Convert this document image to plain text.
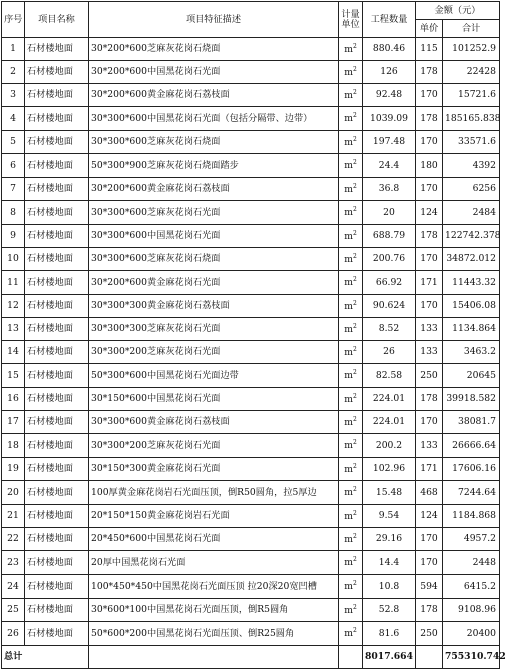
序号	项目名称	项目特征描述	计量单位	工程数量	金额（元）	
					单价	合计
1	石材楼地面	30*200*600芝麻灰花岗石烧面	$m^2$	880.46	115	101252.9
2	石材楼地面	30*200*600中国黑花岗石光面	$m^2$	126	178	22428
3	石材楼地面	30*200*600黄金麻花岗石荔枝面	$m^2$	92.48	170	15721.6
4	石材楼地面	30*300*600中国黑花岗石光面（包括分隔带、边带）	$m^2$	1039.09	178	185165.838
5	石材楼地面	30*300*600芝麻灰花岗石烧面	$m^2$	197.48	170	33571.6
6	石材楼地面	50*300*900芝麻灰花岗石烧面踏步	$m^2$	24.4	180	4392
7	石材楼地面	30*200*600黄金麻花岗石荔枝面	$m^2$	36.8	170	6256
8	石材楼地面	30*300*600芝麻灰花岗石光面	$m^2$	20	124	2484
9	石材楼地面	30*300*600中国黑花岗石光面	$m^2$	688.79	178	122742.378
10	石材楼地面	30*300*600芝麻灰花岗石烧面	$m^2$	200.76	170	34872.012
11	石材楼地面	30*200*600黄金麻花岗石光面	$m^2$	66.92	171	11443.32
12	石材楼地面	30*300*300黄金麻花岗石荔枝面	$m^2$	90.624	170	15406.08
13	石材楼地面	30*300*300芝麻灰花岗石光面	$m^2$	8.52	133	1134.864
14	石材楼地面	30*300*200芝麻灰花岗石光面	$m^2$	26	133	3463.2
15	石材楼地面	50*300*600中国黑花岗石光面边带	$m^2$	82.58	250	20645
16	石材楼地面	30*150*600中国黑花岗石光面	$m^2$	224.01	178	39918.582
17	石材楼地面	30*300*600黄金麻花岗石荔枝面	$m^2$	224.01	170	38081.7
18	石材楼地面	30*300*200芝麻灰花岗石光面	$m^2$	200.2	133	26666.64
19	石材楼地面	30*150*300黄金麻花岗石光面	$m^2$	102.96	171	17606.16
20	石材楼地面	100厚黄金麻花岗岩石光面压顶，倒R50圆角，拉5厚边	$m^2$	15.48	468	7244.64
21	石材楼地面	20*150*150黄金麻花岗岩石光面	$m^2$	9.54	124	1184.868
22	石材楼地面	20*450*600中国黑花岗石光面	$m^2$	29.16	170	4957.2
23	石材楼地面	20厚中国黑花岗石光面	$m^2$	14.4	170	2448
24	石材楼地面	100*450*450中国黑花岗石光面压顶 拉20深20宽凹槽	$m^2$	10.8	594	6415.2
25	石材楼地面	30*600*100中国黑花岗石光面压顶，倒R5圆角	$m^2$	52.8	178	9108.96
26	石材楼地面	50*600*200中国黑花岗石光面压顶、倒R25圆角	$m^2$	81.6	250	20400
总计				8017.664		755310.742
